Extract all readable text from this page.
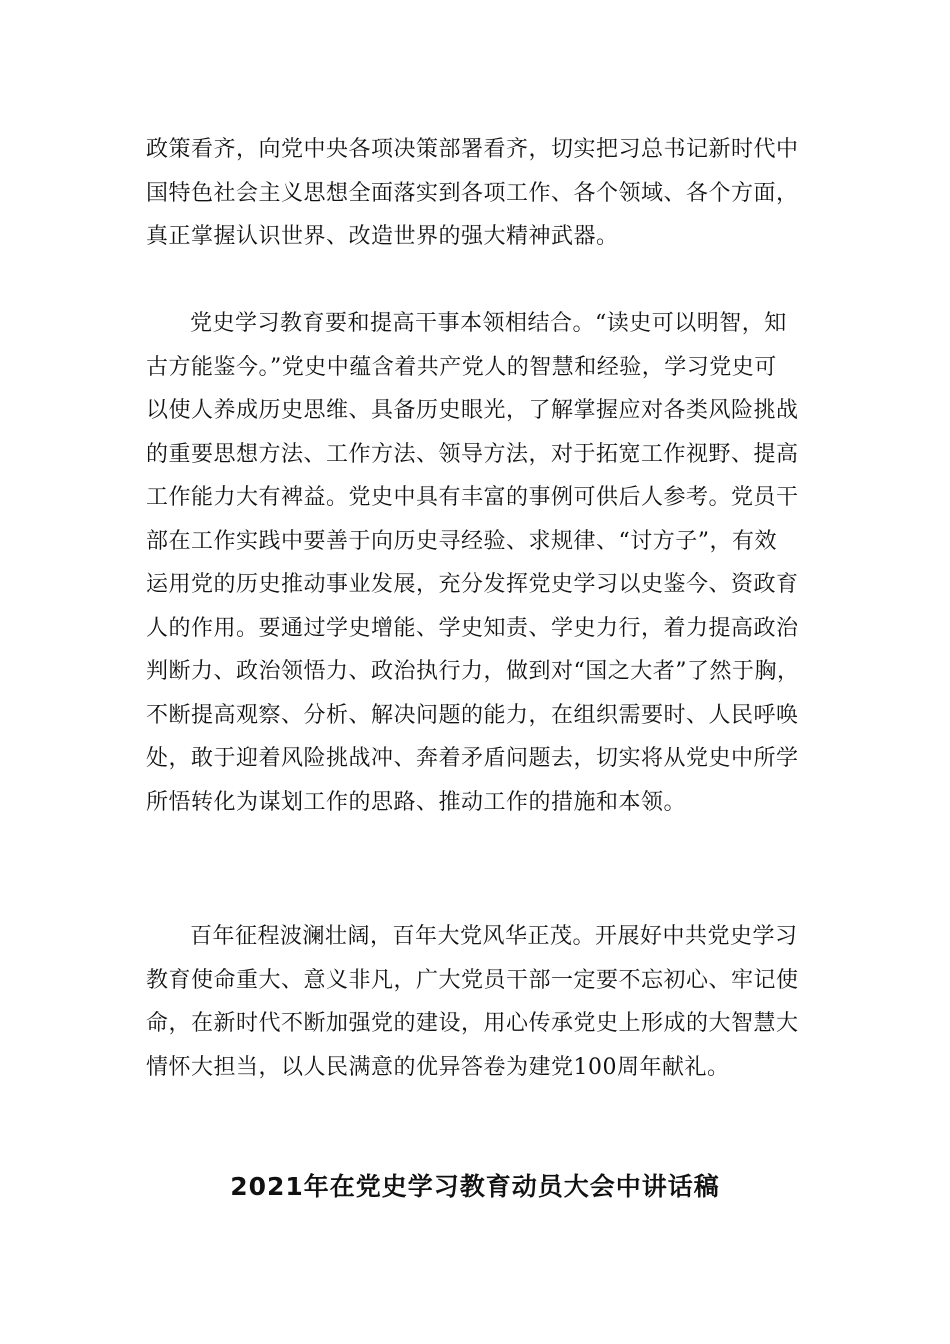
政策看齐，向党中央各项决策部署看齐，切实把习总书记新时代中
国特色社会主义思想全面落实到各项工作、各个领域、各个方面，
真正掌握认识世界、改造世界的强大精神武器。
党史学习教育要和提高干事本领相结合。“读史可以明智，知
古方能鉴今。”党史中蕴含着共产党人的智慧和经验，学习党史可
以使人养成历史思维、具备历史眼光，了解掌握应对各类风险挑战
的重要思想方法、工作方法、领导方法，对于拓宽工作视野、提高
工作能力大有裨益。党史中具有丰富的事例可供后人参考。党员干
部在工作实践中要善于向历史寻经验、求规律、“讨方子”，有效
运用党的历史推动事业发展，充分发挥党史学习以史鉴今、资政育
人的作用。要通过学史增能、学史知责、学史力行，着力提高政治
判断力、政治领悟力、政治执行力，做到对“国之大者”了然于胸，
不断提高观察、分析、解决问题的能力，在组织需要时、人民呼唤
处，敢于迎着风险挑战冲、奔着矛盾问题去，切实将从党史中所学
所悟转化为谋划工作的思路、推动工作的措施和本领。
百年征程波澜壮阔，百年大党风华正茂。开展好中共党史学习
教育使命重大、意义非凡，广大党员干部一定要不忘初心、牢记使
命，在新时代不断加强党的建设，用心传承党史上形成的大智慧大
情怀大担当，以人民满意的优异答卷为建党100周年献礼。
2021年在党史学习教育动员大会中讲话稿
